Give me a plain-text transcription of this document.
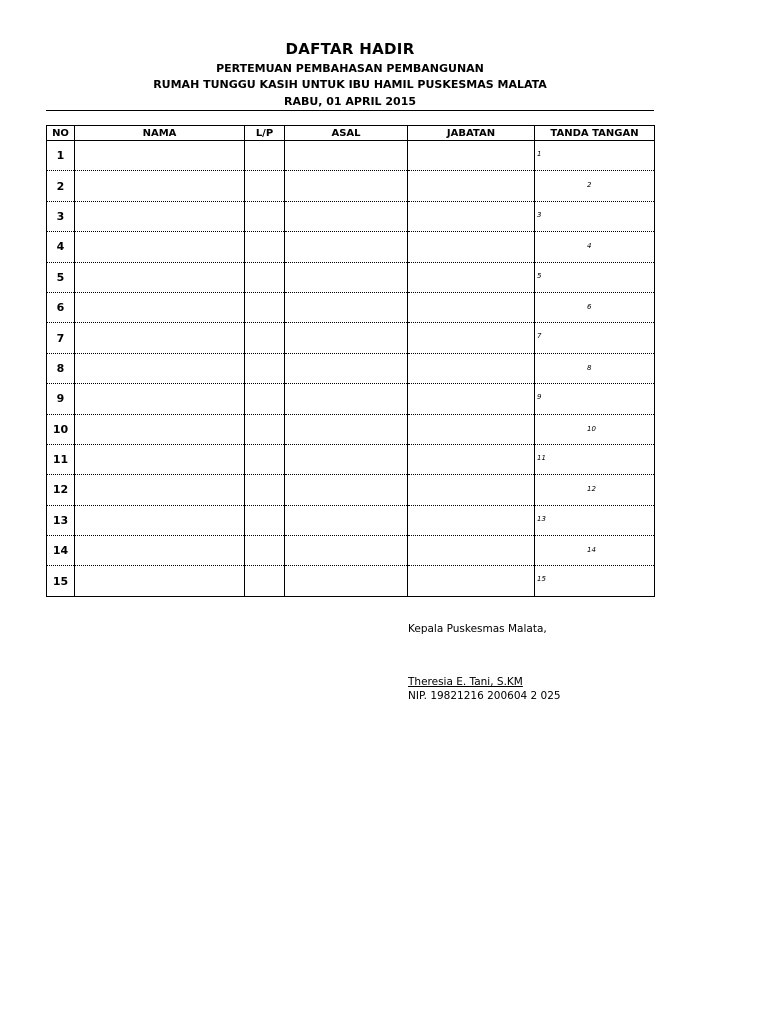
DAFTAR HADIR
PERTEMUAN PEMBAHASAN PEMBANGUNAN
RUMAH TUNGGU KASIH UNTUK IBU HAMIL PUSKESMAS MALATA
RABU, 01 APRIL 2015
NO	NAMA	L/P	ASAL	JABATAN	TANDA TANGAN
1					1

2					2

3					3

4					4

5					5

6					6

7					7

8					8

9					9

10					10

11					11

12					12

13					13

14					14

15					15
Kepala Puskesmas Malata,
Theresia E. Tani, S.KM
NIP. 19821216 200604 2 025
